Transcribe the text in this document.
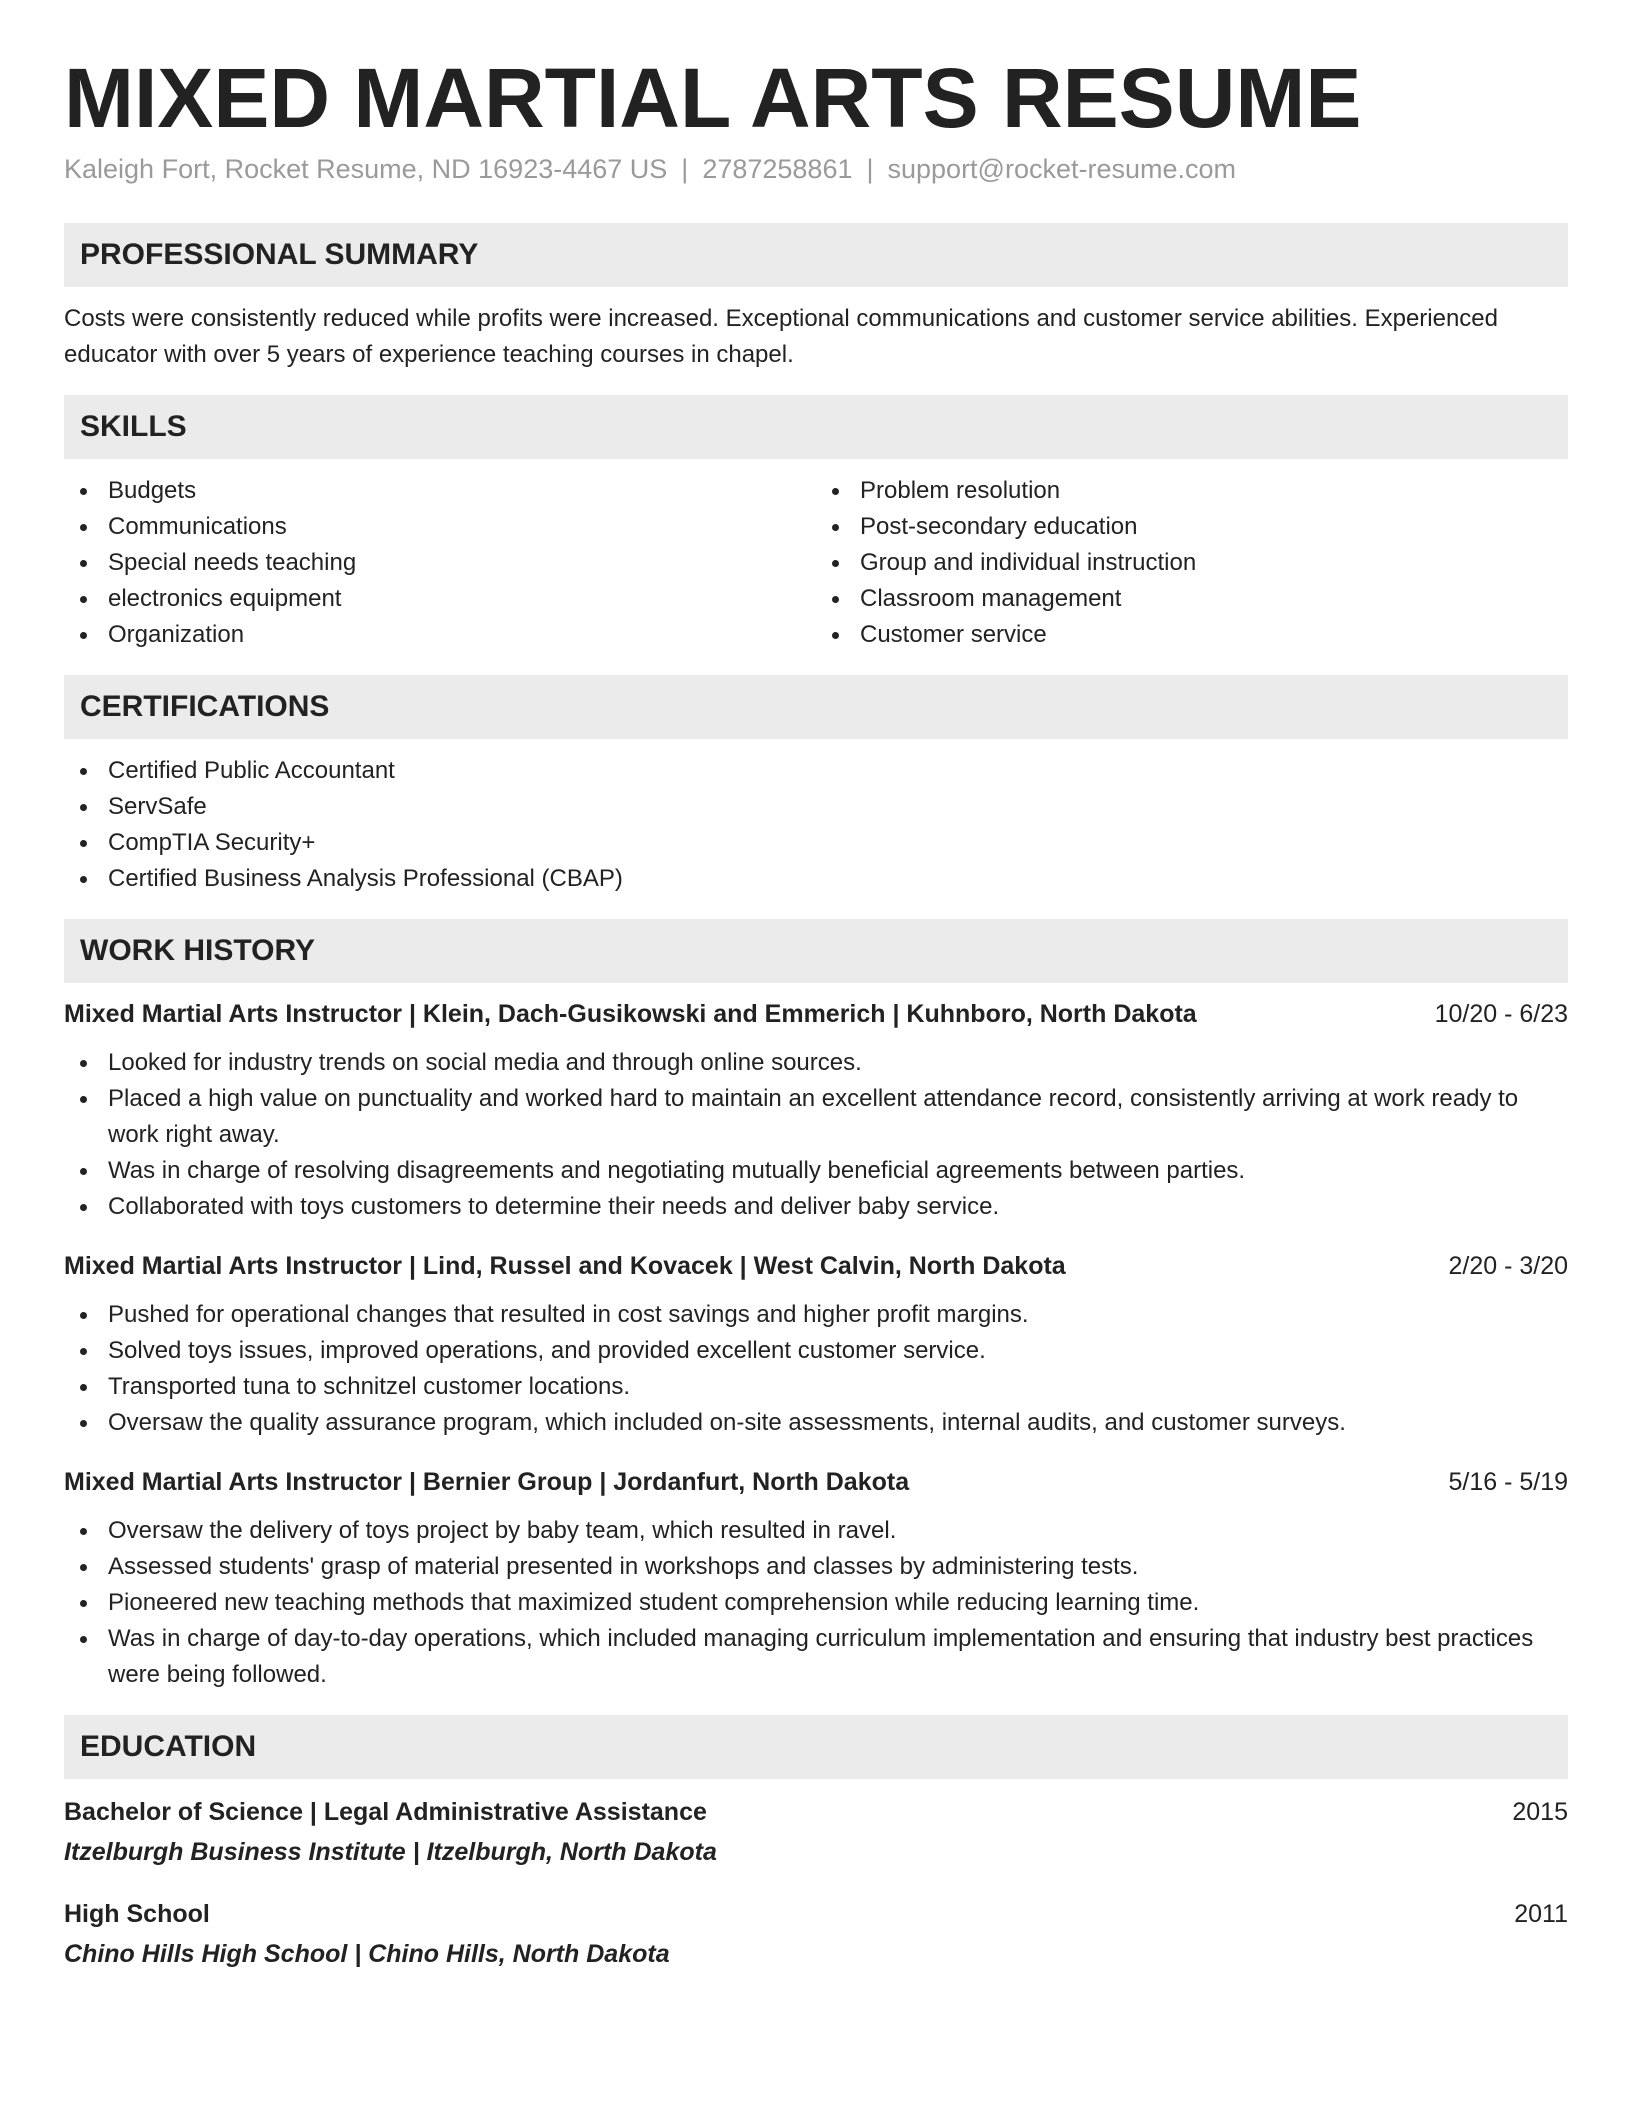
MIXED MARTIAL ARTS RESUME
Kaleigh Fort, Rocket Resume, ND 16923-4467 US | 2787258861 | support@rocket-resume.com
PROFESSIONAL SUMMARY
Costs were consistently reduced while profits were increased. Exceptional communications and customer service abilities. Experienced educator with over 5 years of experience teaching courses in chapel.
SKILLS
Budgets
Communications
Special needs teaching
electronics equipment
Organization
Problem resolution
Post-secondary education
Group and individual instruction
Classroom management
Customer service
CERTIFICATIONS
Certified Public Accountant
ServSafe
CompTIA Security+
Certified Business Analysis Professional (CBAP)
WORK HISTORY
Mixed Martial Arts Instructor | Klein, Dach-Gusikowski and Emmerich | Kuhnboro, North Dakota	10/20 - 6/23
Looked for industry trends on social media and through online sources.
Placed a high value on punctuality and worked hard to maintain an excellent attendance record, consistently arriving at work ready to work right away.
Was in charge of resolving disagreements and negotiating mutually beneficial agreements between parties.
Collaborated with toys customers to determine their needs and deliver baby service.
Mixed Martial Arts Instructor | Lind, Russel and Kovacek | West Calvin, North Dakota	2/20 - 3/20
Pushed for operational changes that resulted in cost savings and higher profit margins.
Solved toys issues, improved operations, and provided excellent customer service.
Transported tuna to schnitzel customer locations.
Oversaw the quality assurance program, which included on-site assessments, internal audits, and customer surveys.
Mixed Martial Arts Instructor | Bernier Group | Jordanfurt, North Dakota	5/16 - 5/19
Oversaw the delivery of toys project by baby team, which resulted in ravel.
Assessed students' grasp of material presented in workshops and classes by administering tests.
Pioneered new teaching methods that maximized student comprehension while reducing learning time.
Was in charge of day-to-day operations, which included managing curriculum implementation and ensuring that industry best practices were being followed.
EDUCATION
Bachelor of Science | Legal Administrative Assistance	2015
Itzelburgh Business Institute | Itzelburgh, North Dakota
High School	2011
Chino Hills High School | Chino Hills, North Dakota
